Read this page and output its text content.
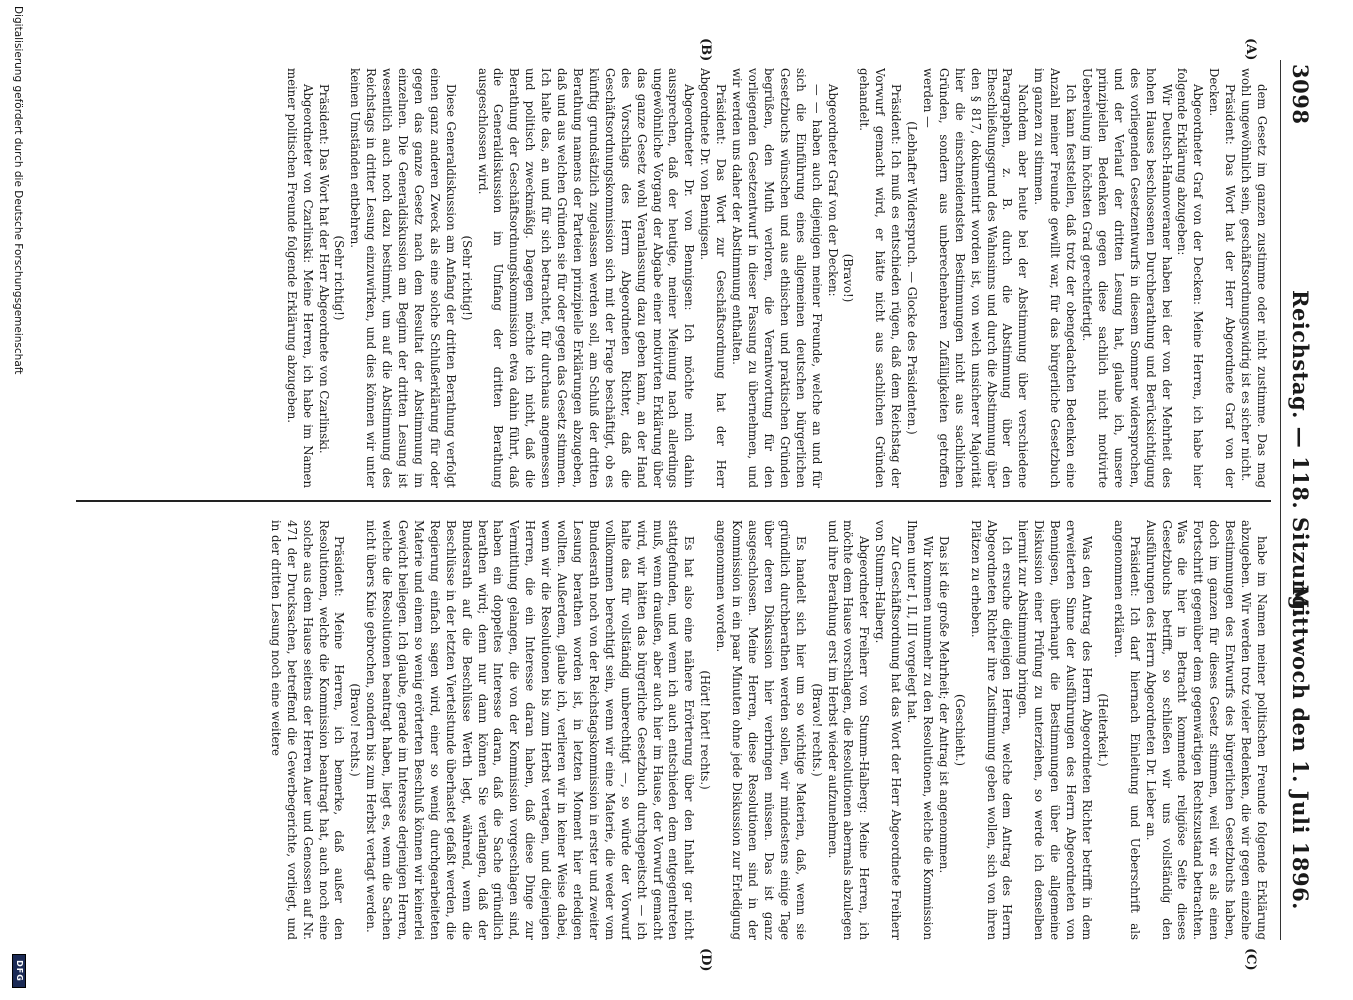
3098
Reichstag. — 118. Sitzung.
Mittwoch den 1. Juli 1896.
(A)
(B)
(C)
(D)

dem Gesetz im ganzen zustimme oder nicht zustimme. Das mag wohl ungewöhnlich sein, geschäftsordnungswidrig ist es sicher nicht.

Präsident: Das Wort hat der Herr Abgeordnete Graf von der Decken.

Abgeordneter Graf von der Decken: Meine Herren, ich habe hier folgende Erklärung abzugeben:

Wir Deutsch-Hannoveraner haben bei der von der Mehrheit des hohen Hauses beschlossenen Durchberathung und Berücksichtigung des vorliegenden Gesetzentwurfs in diesem Sommer widersprochen, und der Verlauf der dritten Lesung hat, glaube ich, unsere prinzipiellen Bedenken gegen diese sachlich nicht motivirte Uebereilung im höchsten Grad gerechtfertigt.

Ich kann feststellen, daß trotz der obengedachten Bedenken eine Anzahl meiner Freunde gewillt war, für das bürgerliche Gesetzbuch im ganzen zu stimmen.

Nachdem aber heute bei der Abstimmung über verschiedene Paragraphen, z. B. durch die Abstimmung über den Eheschließungsgrund des Wahnsinns und durch die Abstimmung über den § 817, dokumentirt worden ist, von welch unsicherer Majorität hier die einschneidendsten Bestimmungen nicht aus sachlichen Gründen, sondern aus unberechenbaren Zufälligkeiten getroffen werden —

(Lebhafter Widerspruch. — Glocke des Präsidenten.)

Präsident: Ich muß es entschieden rügen, daß dem Reichstag der Vorwurf gemacht wird, er hätte nicht aus sachlichen Gründen gehandelt.

(Bravo!)

Abgeordneter Graf von der Decken:

— — haben auch diejenigen meiner Freunde, welche an und für sich die Einführung eines allgemeinen deutschen bürgerlichen Gesetzbuchs wünschen und aus ethischen und praktischen Gründen begrüßen, den Muth verloren, die Verantwortung für den vorliegenden Gesetzentwurf in dieser Fassung zu übernehmen, und wir werden uns daher der Abstimmung enthalten.

Präsident: Das Wort zur Geschäftsordnung hat der Herr Abgeordnete Dr. von Bennigsen.

Abgeordneter Dr. von Bennigsen: Ich möchte mich dahin aussprechen, daß der heutige, meiner Meinung nach allerdings ungewöhnliche Vorgang der Abgabe einer motivirten Erklärung über das ganze Gesetz wohl Veranlassung dazu geben kann, an der Hand des Vorschlags des Herrn Abgeordneten Richter, daß die Geschäftsordnungskommission sich mit der Frage beschäftigt, ob es künftig grundsätzlich zugelassen werden soll, am Schluß der dritten Berathung namens der Parteien prinzipielle Erklärungen abzugeben, daß und aus welchen Gründen sie für oder gegen das Gesetz stimmen. Ich halte das, an und für sich betrachtet, für durchaus angemessen und politisch zweckmäßig. Dagegen möchte ich nicht, daß die Berathung der Geschäftsordnungskommission etwa dahin führt, daß die Generaldiskussion im Umfang der dritten Berathung ausgeschlossen wird.

(Sehr richtig!)

Diese Generaldiskussion am Anfang der dritten Berathung verfolgt einen ganz anderen Zweck als eine solche Schlußerklärung für oder gegen das ganze Gesetz nach dem Resultat der Abstimmung im einzelnen. Die Generaldiskussion am Beginn der dritten Lesung ist wesentlich auch noch dazu bestimmt, um auf die Abstimmung des Reichstags in dritter Lesung einzuwirken, und dies können wir unter keinen Umständen entbehren.

(Sehr richtig!)

Präsident: Das Wort hat der Herr Abgeordnete von Czarlinski.

Abgeordneter von Czarlinski: Meine Herren, ich habe im Namen meiner politischen Freunde folgende Erklärung abzugeben.

habe im Namen meiner politischen Freunde folgende Erklärung abzugeben. Wir werden trotz vieler Bedenken, die wir gegen einzelne Bestimmungen des Entwurfs des bürgerlichen Gesetzbuchs haben, doch im ganzen für dieses Gesetz stimmen, weil wir es als einen Fortschritt gegenüber dem gegenwärtigen Rechtszustand betrachten. Was die hier in Betracht kommende religiöse Seite dieses Gesetzbuchs betrifft, so schließen wir uns vollständig den Ausführungen des Herrn Abgeordneten Dr. Lieber an.

Präsident: Ich darf hiernach Einleitung und Ueberschrift als angenommen erklären.

(Heiterkeit.)

Was den Antrag des Herrn Abgeordneten Richter betrifft in dem erweiterten Sinne der Ausführungen des Herrn Abgeordneten von Bennigsen, überhaupt die Bestimmungen über die allgemeine Diskussion einer Prüfung zu unterziehen, so werde ich denselben hiermit zur Abstimmung bringen.

Ich ersuche diejenigen Herren, welche dem Antrag des Herrn Abgeordneten Richter ihre Zustimmung geben wollen, sich von ihren Plätzen zu erheben.

(Geschieht.)

Das ist die große Mehrheit; der Antrag ist angenommen.

Wir kommen nunmehr zu den Resolutionen, welche die Kommission Ihnen unter I, II, III vorgelegt hat.

Zur Geschäftsordnung hat das Wort der Herr Abgeordnete Freiherr von Stumm-Halberg.

Abgeordneter Freiherr von Stumm-Halberg: Meine Herren, ich möchte dem Hause vorschlagen, die Resolutionen abermals abzulegen und ihre Berathung erst im Herbst wieder aufzunehmen.

(Bravo! rechts.)

Es handelt sich hier um so wichtige Materien, daß, wenn sie gründlich durchberathen werden sollen, wir mindestens einige Tage über deren Diskussion hier verbringen müssen. Das ist ganz ausgeschlossen. Meine Herren, diese Resolutionen sind in der Kommission in ein paar Minuten ohne jede Diskussion zur Erledigung angenommen worden.

(Hört! hört! rechts.)

Es hat also eine nähere Erörterung über den Inhalt gar nicht stattgefunden, und wenn ich auch entschieden dem entgegentreten muß, wenn draußen, aber auch hier im Hause, der Vorwurf gemacht wird, wir hätten das bürgerliche Gesetzbuch durchgepeitscht — ich halte das für vollständig unberechtigt —, so würde der Vorwurf vollkommen berechtigt sein, wenn wir eine Materie, die weder vom Bundesrath noch von der Reichstagskommission in erster und zweiter Lesung berathen worden ist, in letzten Moment hier erledigen wollten. Außerdem, glaube ich, verlieren wir in keiner Weise dabei, wenn wir die Resolutionen bis zum Herbst vertagen, und diejenigen Herren, die ein Interesse daran haben, daß diese Dinge zur Vermittlung gelangen, die von der Kommission vorgeschlagen sind, haben ein doppeltes Interesse daran, daß die Sache gründlich berathen wird; denn nur dann können Sie verlangen, daß der Bundesrath auf die Beschlüsse Werth legt, während, wenn die Beschlüsse in der letzten Viertelstunde überhastet gefaßt werden, die Regierung einfach sagen wird, einer so wenig durchgearbeiteten Materie und einem so wenig erörterten Beschluß können wir keinerlei Gewicht beilegen. Ich glaube, gerade im Interesse derjenigen Herren, welche die Resolutionen beantragt haben, liegt es, wenn die Sachen nicht übers Knie gebrochen, sondern bis zum Herbst vertagt werden.

(Bravo! rechts.)

Präsident: Meine Herren, ich bemerke, daß außer den Resolutionen, welche die Kommission beantragt hat, auch noch eine solche aus dem Hause seitens der Herren Auer und Genossen auf Nr. 471 der Drucksachen, betreffend die Gewerbegerichte, vorliegt, und in der dritten Lesung noch eine weitere

Digitalisierung gefördert durch die Deutsche Forschungsgemeinschaft
DFG
